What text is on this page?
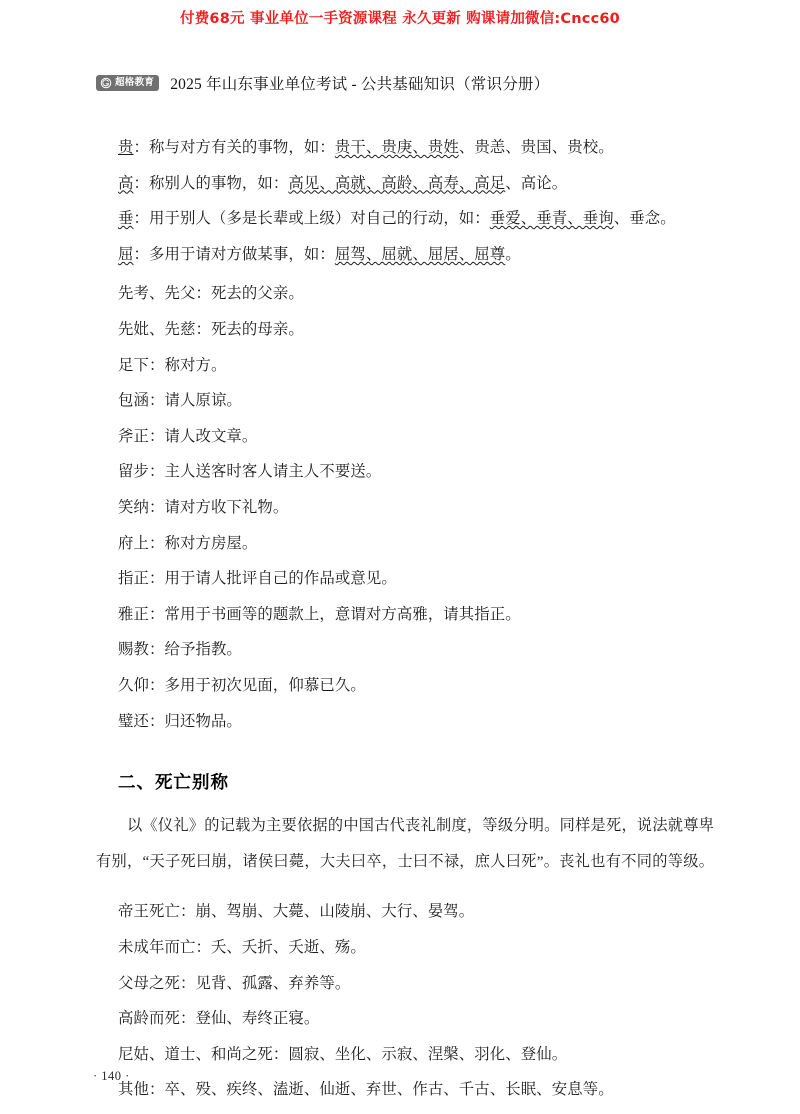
付费68元 事业单位一手资源课程 永久更新 购课请加微信:Cncc60
超格教育 2025 年山东事业单位考试 - 公共基础知识（常识分册）
贵：称与对方有关的事物，如：贵干、贵庚、贵姓、贵恙、贵国、贵校。
高：称别人的事物，如：高见、高就、高龄、高寿、高足、高论。
垂：用于别人（多是长辈或上级）对自己的行动，如：垂爱、垂青、垂询、垂念。
屈：多用于请对方做某事，如：屈驾、屈就、屈居、屈尊。
先考、先父：死去的父亲。
先妣、先慈：死去的母亲。
足下：称对方。
包涵：请人原谅。
斧正：请人改文章。
留步：主人送客时客人请主人不要送。
笑纳：请对方收下礼物。
府上：称对方房屋。
指正：用于请人批评自己的作品或意见。
雅正：常用于书画等的题款上，意谓对方高雅，请其指正。
赐教：给予指教。
久仰：多用于初次见面，仰慕已久。
璧还：归还物品。
二、死亡别称

以《仪礼》的记载为主要依据的中国古代丧礼制度，等级分明。同样是死，说法就尊卑有别，“天子死曰崩，诸侯曰薨，大夫曰卒，士曰不禄，庶人曰死”。丧礼也有不同的等级。

帝王死亡：崩、驾崩、大薨、山陵崩、大行、晏驾。
未成年而亡：夭、夭折、夭逝、殇。
父母之死：见背、孤露、弃养等。
高龄而死：登仙、寿终正寝。
尼姑、道士、和尚之死：圆寂、坐化、示寂、涅槃、羽化、登仙。
其他：卒、殁、疾终、溘逝、仙逝、弃世、作古、千古、长眠、安息等。
· 140 ·
